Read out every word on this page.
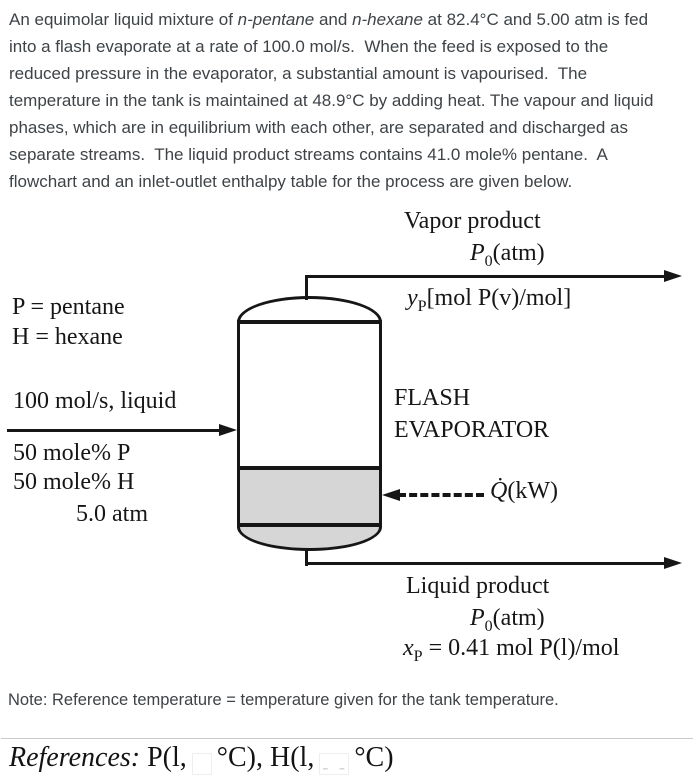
An equimolar liquid mixture of n-pentane and n-hexane at 82.4°C and 5.00 atm is fed
into a flash evaporate at a rate of 100.0 mol/s.  When the feed is exposed to the
reduced pressure in the evaporator, a substantial amount is vapourised.  The
temperature in the tank is maintained at 48.9°C by adding heat. The vapour and liquid
phases, which are in equilibrium with each other, are separated and discharged as
separate streams.  The liquid product streams contains 41.0 mole% pentane.  A
flowchart and an inlet-outlet enthalpy table for the process are given below.
P = pentane
H = hexane
100 mol/s, liquid
50 mole% P
50 mole% H
5.0 atm
FLASH
EVAPORATOR
Vapor product
$P_0(atm)$
$y_P[mol$ P(v)/mol]
Q̇(kW)
Liquid product
$P_0(atm)$
$x_P = 0.41$ mol P(l)/mol
Note: Reference temperature = temperature given for the tank temperature.
References: P(l, °C), H(l, - - °C)
